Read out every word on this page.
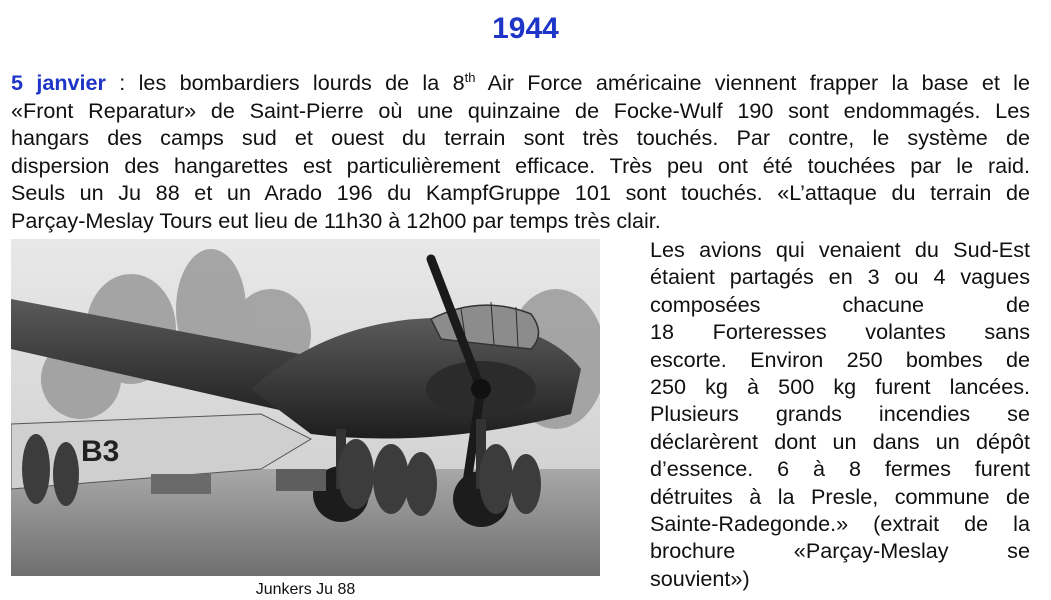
1944
5 janvier : les bombardiers lourds de la 8th Air Force américaine viennent frapper la base et le
«Front Reparatur» de Saint-Pierre où une quinzaine de Focke-Wulf 190 sont endommagés. Les
hangars des camps sud et ouest du terrain sont très touchés. Par contre, le système de
dispersion des hangarettes est particulièrement efficace. Très peu ont été touchées par le raid.
Seuls un Ju 88 et un Arado 196 du KampfGruppe 101 sont touchés. «L’attaque du terrain de
Parçay-Meslay Tours eut lieu de 11h30 à 12h00 par temps très clair.
B3
Junkers Ju 88
Les avions qui venaient du Sud-Est
étaient partagés en 3 ou 4 vagues
composées chacune de
18 Forteresses volantes sans
escorte. Environ 250 bombes de
250 kg à 500 kg furent lancées.
Plusieurs grands incendies se
déclarèrent dont un dans un dépôt
d’essence. 6 à 8 fermes furent
détruites à la Presle, commune de
Sainte-Radegonde.» (extrait de la
brochure «Parçay-Meslay se
souvient»)
